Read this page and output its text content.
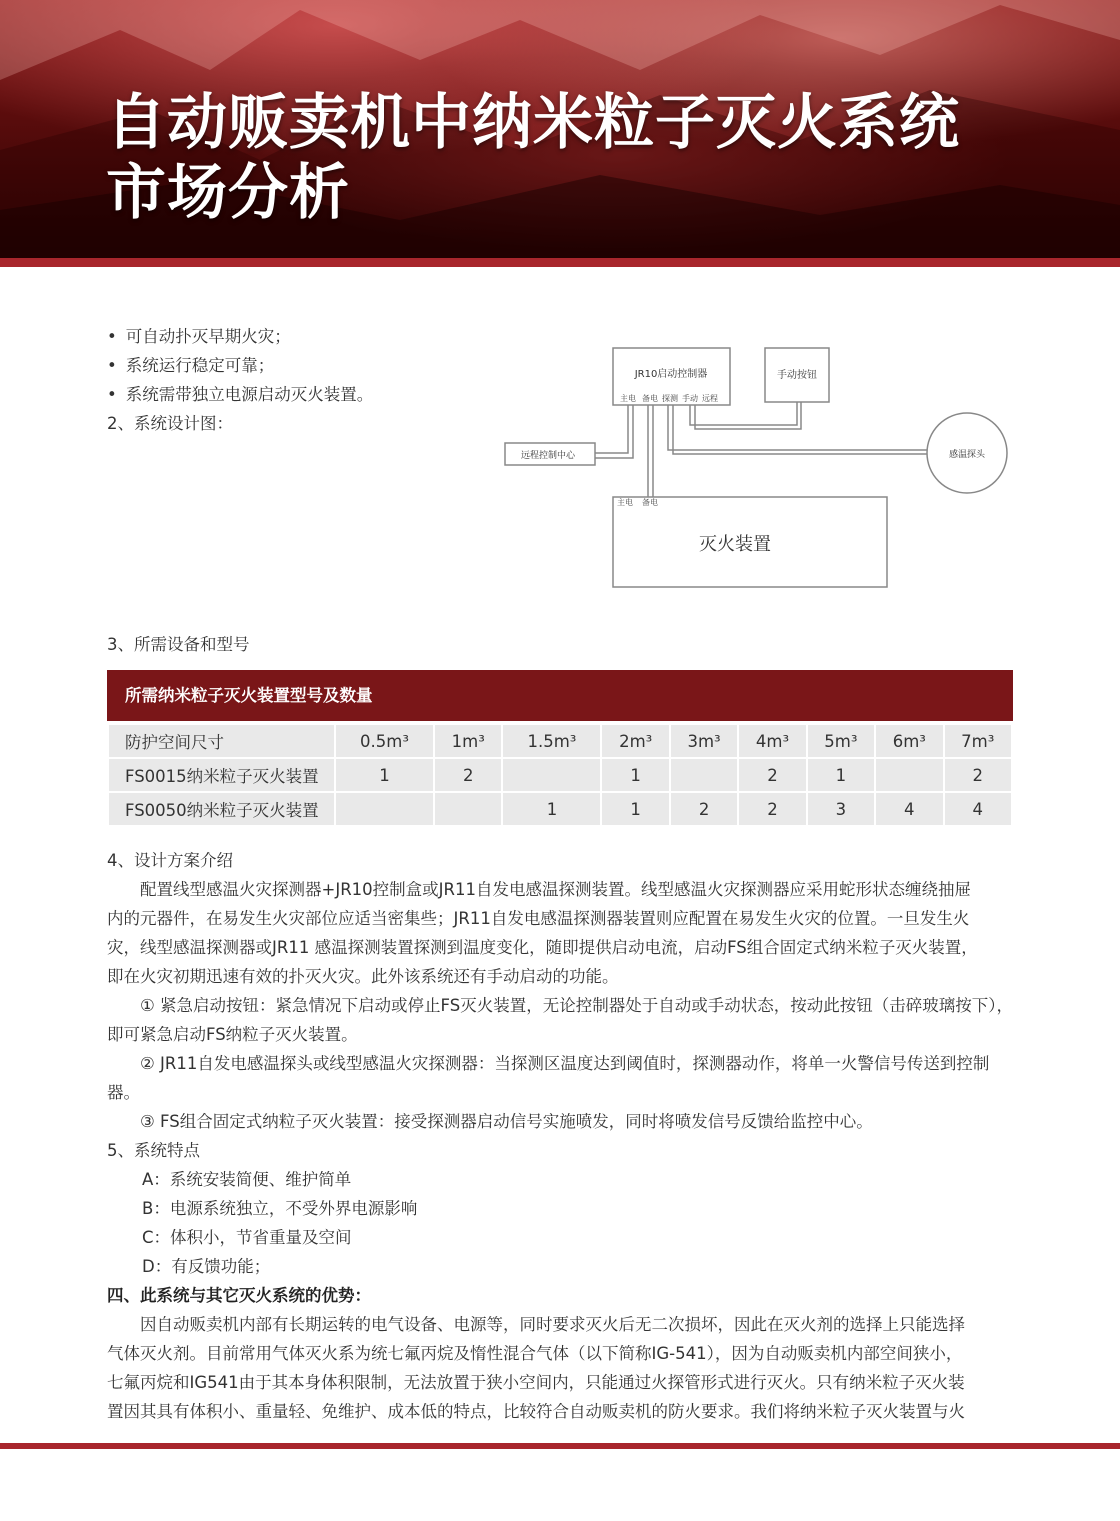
自动贩卖机中纳米粒子灭火系统
市场分析
• 可自动扑灭早期火灾；
• 系统运行稳定可靠；
• 系统需带独立电源启动灭火装置。

2、系统设计图：

主电 备电 探测 手动 远程
主电 备电
JR10启动控制器	手动按钮
远程控制中心	感温探头
灭火装置

3、所需设备和型号

所需纳米粒子灭火装置型号及数量
防护空间尺寸	0.5m³	1m³	1.5m³	2m³	3m³	4m³	5m³	6m³	7m³
FS0015纳米粒子灭火装置	1	2		1		2	1		2
FS0050纳米粒子灭火装置			1	1	2	2	3	4	4

4、设计方案介绍

配置线型感温火灾探测器+JR10控制盒或JR11自发电感温探测装置。线型感温火灾探测器应采用蛇形状态缠绕抽屉

内的元器件，在易发生火灾部位应适当密集些；JR11自发电感温探测器装置则应配置在易发生火灾的位置。一旦发生火

灾，线型感温探测器或JR11 感温探测装置探测到温度变化，随即提供启动电流，启动FS组合固定式纳米粒子灭火装置，

即在火灾初期迅速有效的扑灭火灾。此外该系统还有手动启动的功能。

① 紧急启动按钮：紧急情况下启动或停止FS灭火装置，无论控制器处于自动或手动状态，按动此按钮（击碎玻璃按下），

即可紧急启动FS纳粒子灭火装置。

② JR11自发电感温探头或线型感温火灾探测器：当探测区温度达到阈值时，探测器动作，将单一火警信号传送到控制器。

③ FS组合固定式纳粒子灭火装置：接受探测器启动信号实施喷发，同时将喷发信号反馈给监控中心。

5、系统特点

A：系统安装简便、维护简单

B：电源系统独立，不受外界电源影响

C：体积小，节省重量及空间

D：有反馈功能；

四、此系统与其它灭火系统的优势：

因自动贩卖机内部有长期运转的电气设备、电源等，同时要求灭火后无二次损坏，因此在灭火剂的选择上只能选择

气体灭火剂。目前常用气体灭火系为统七氟丙烷及惰性混合气体（以下简称IG-541），因为自动贩卖机内部空间狭小，

七氟丙烷和IG541由于其本身体积限制，无法放置于狭小空间内，只能通过火探管形式进行灭火。只有纳米粒子灭火装

置因其具有体积小、重量轻、免维护、成本低的特点，比较符合自动贩卖机的防火要求。我们将纳米粒子灭火装置与火
